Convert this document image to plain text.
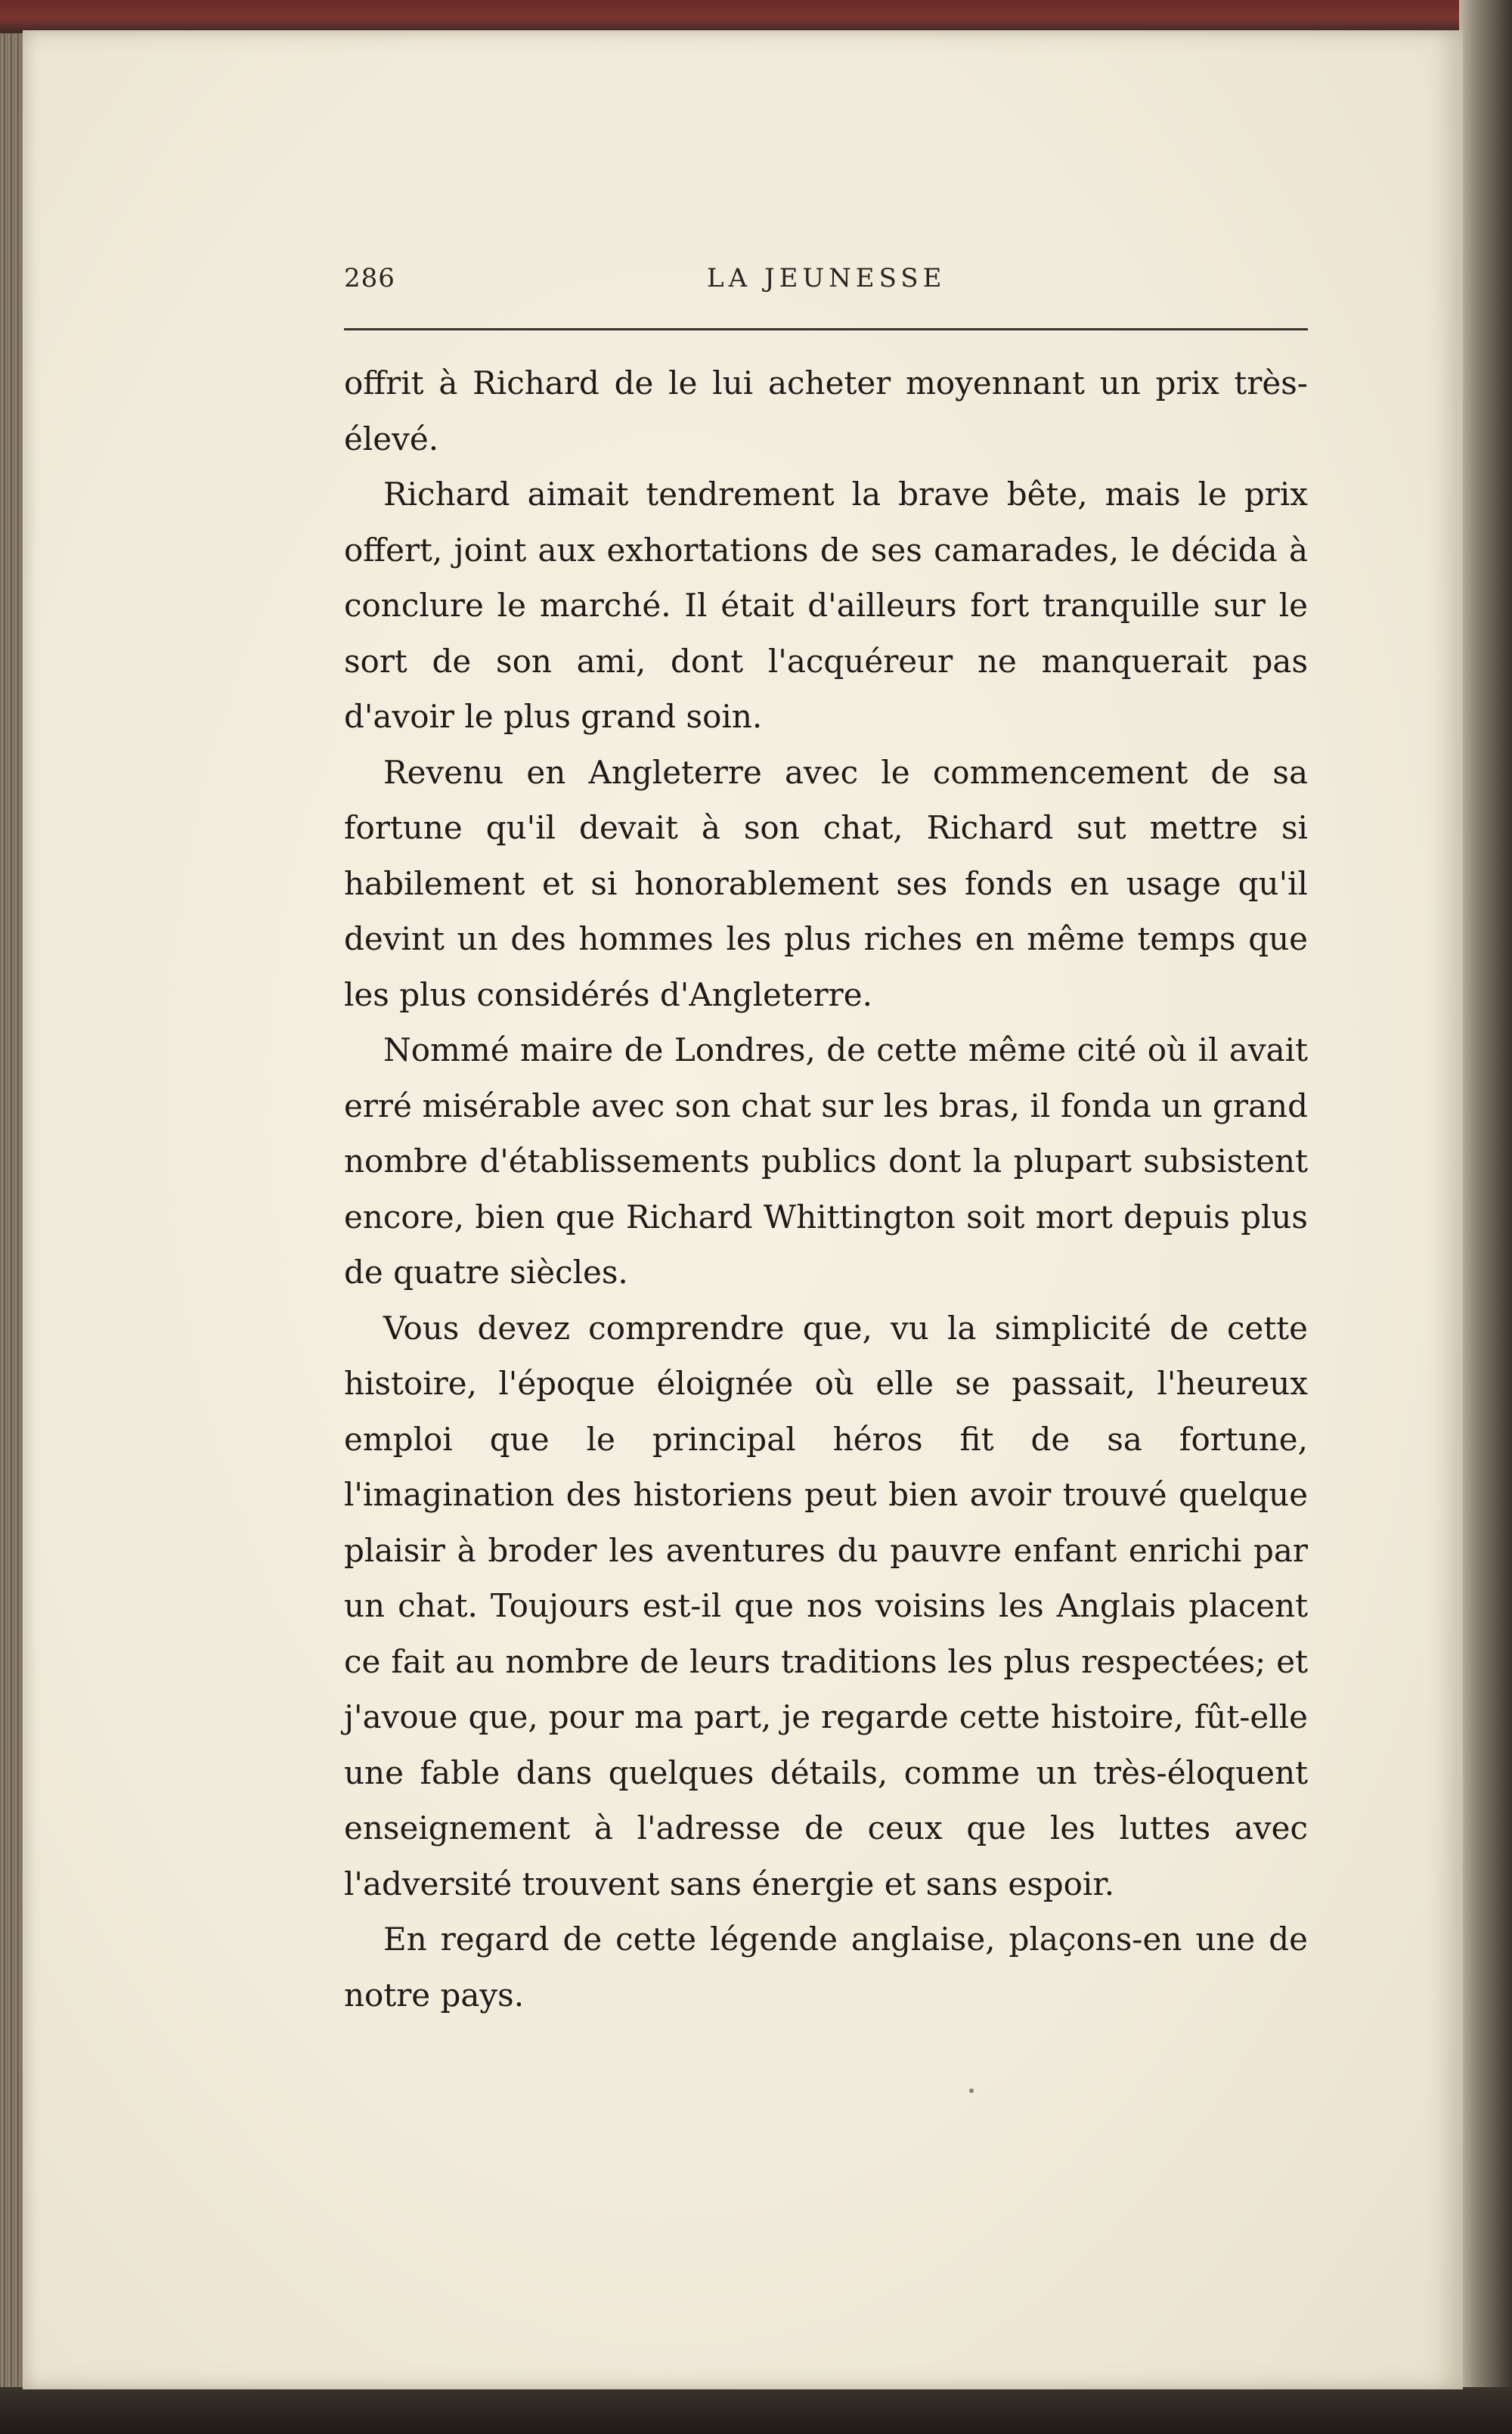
286	LA JEUNESSE

offrit à Richard de le lui acheter moyennant un prix très-élevé.

Richard aimait tendrement la brave bête, mais le prix offert, joint aux exhortations de ses camarades, le décida à conclure le marché. Il était d'ailleurs fort tranquille sur le sort de son ami, dont l'acquéreur ne manquerait pas d'avoir le plus grand soin.

Revenu en Angleterre avec le commencement de sa fortune qu'il devait à son chat, Richard sut mettre si habilement et si honorablement ses fonds en usage qu'il devint un des hommes les plus riches en même temps que les plus considérés d'Angleterre.

Nommé maire de Londres, de cette même cité où il avait erré misérable avec son chat sur les bras, il fonda un grand nombre d'établissements publics dont la plupart subsistent encore, bien que Richard Whittington soit mort depuis plus de quatre siècles.

Vous devez comprendre que, vu la simplicité de cette histoire, l'époque éloignée où elle se passait, l'heureux emploi que le principal héros fit de sa fortune, l'imagination des historiens peut bien avoir trouvé quelque plaisir à broder les aventures du pauvre enfant enrichi par un chat. Toujours est-il que nos voisins les Anglais placent ce fait au nombre de leurs traditions les plus respectées; et j'avoue que, pour ma part, je regarde cette histoire, fût-elle une fable dans quelques détails, comme un très-éloquent enseignement à l'adresse de ceux que les luttes avec l'adversité trouvent sans énergie et sans espoir.

En regard de cette légende anglaise, plaçons-en une de notre pays.
